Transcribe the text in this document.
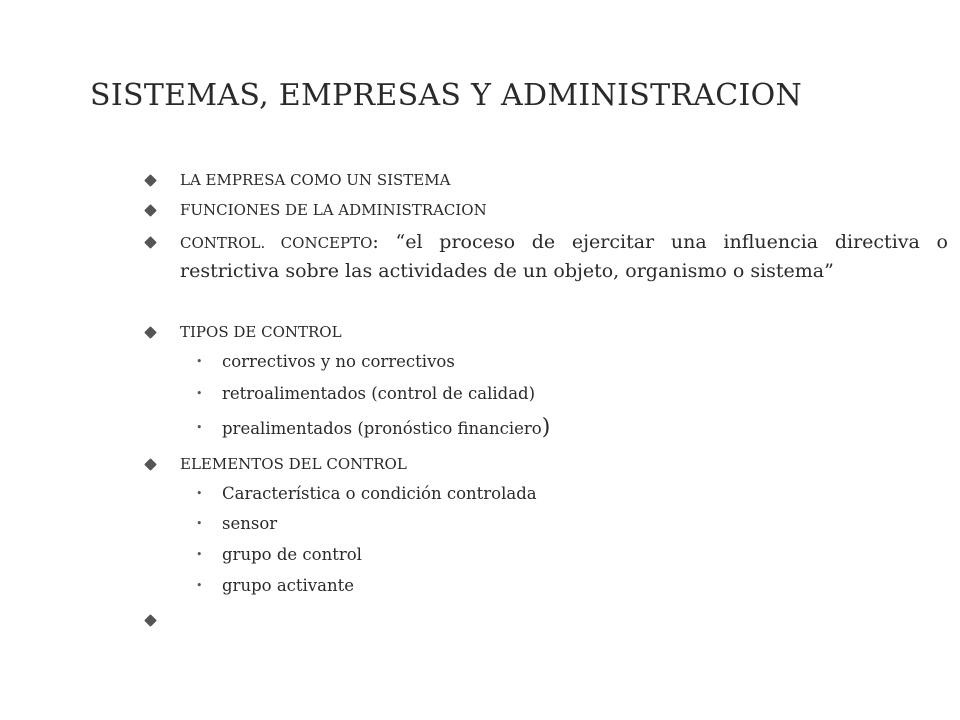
SISTEMAS, EMPRESAS Y ADMINISTRACION
LA EMPRESA COMO UN SISTEMA
FUNCIONES DE LA ADMINISTRACION
CONTROL. CONCEPTO: “el proceso de ejercitar una influencia directiva o restrictiva sobre las actividades de un objeto, organismo o sistema”
TIPOS DE CONTROL
• correctivos y no correctivos
• retroalimentados (control de calidad)
• prealimentados (pronóstico financiero)
ELEMENTOS DEL CONTROL
• Característica o condición controlada
• sensor
• grupo de control
• grupo activante
